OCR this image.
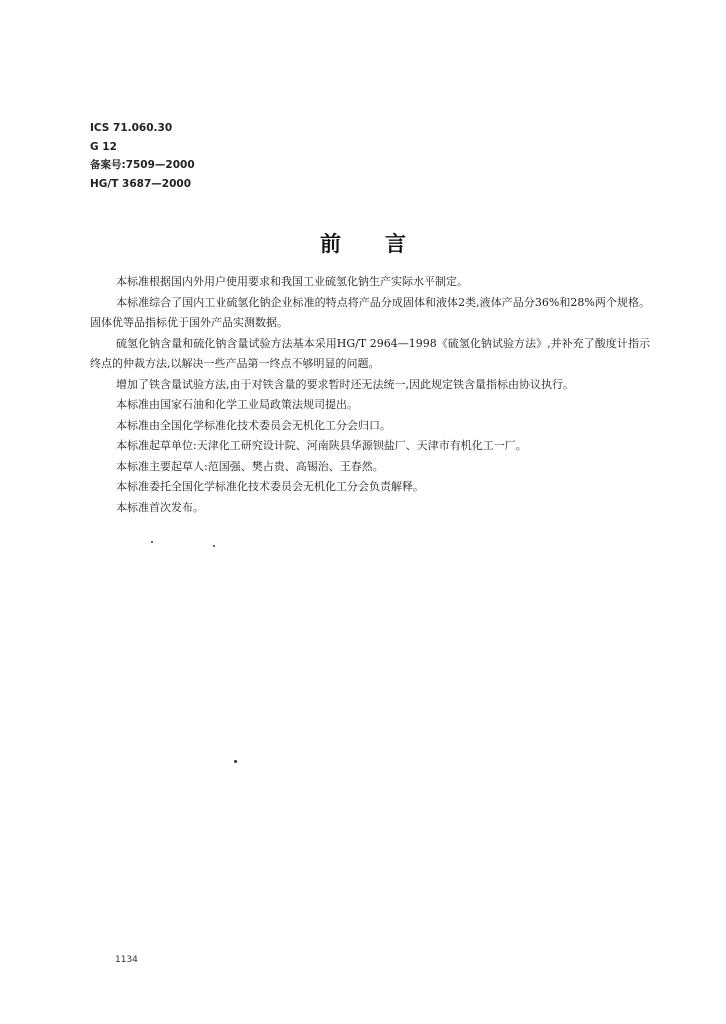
ICS 71.060.30
G 12
备案号:7509—2000
HG/T 3687—2000
前言

本标准根据国内外用户使用要求和我国工业硫氢化钠生产实际水平制定。

本标准综合了国内工业硫氢化钠企业标准的特点将产品分成固体和液体2类,液体产品分36%和28%两个规格。固体优等品指标优于国外产品实测数据。

硫氢化钠含量和硫化钠含量试验方法基本采用HG/T 2964—1998《硫氢化钠试验方法》,并补充了酸度计指示终点的仲裁方法,以解决一些产品第一终点不够明显的问题。

增加了铁含量试验方法,由于对铁含量的要求暂时还无法统一,因此规定铁含量指标由协议执行。

本标准由国家石油和化学工业局政策法规司提出。

本标准由全国化学标准化技术委员会无机化工分会归口。

本标准起草单位:天津化工研究设计院、河南陕县华源钡盐厂、天津市有机化工一厂。

本标准主要起草人:范国强、樊占贵、高锡治、王春然。

本标准委托全国化学标准化技术委员会无机化工分会负责解释。

本标准首次发布。

1134
